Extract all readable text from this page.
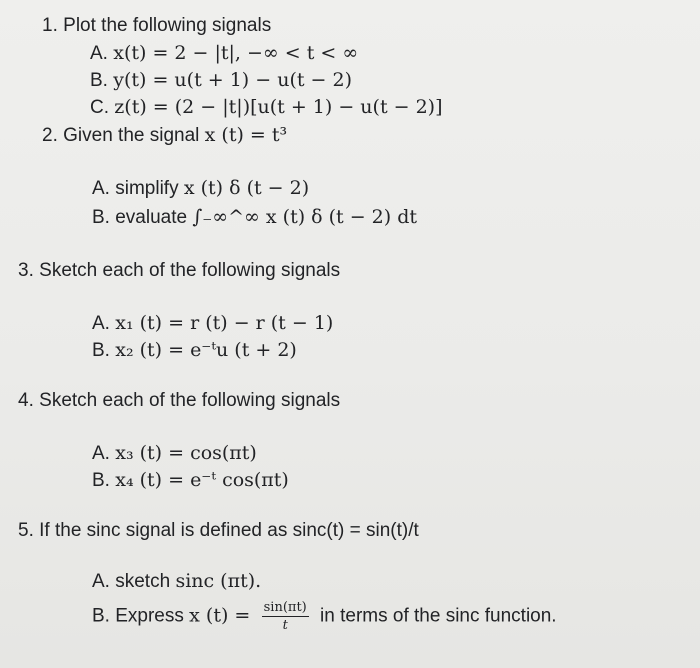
1. Plot the following signals
A. x(t) = 2 − |t|, −∞ < t < ∞
B. y(t) = u(t + 1) − u(t − 2)
C. z(t) = (2 − |t|)[u(t + 1) − u(t − 2)]
2. Given the signal x (t) = t³
A. simplify x (t) δ (t − 2)
B. evaluate ∫₋∞^∞ x (t) δ (t − 2) dt
3. Sketch each of the following signals
A. x₁ (t) = r (t) − r (t − 1)
B. x₂ (t) = e⁻ᵗu (t + 2)
4. Sketch each of the following signals
A. x₃ (t) = cos(πt)
B. x₄ (t) = e⁻ᵗ cos(πt)
5. If the sinc signal is defined as sinc(t) = sin(t)/t
A. sketch sinc (πt).
B. Express x $(t) = \frac{\sin(\pi t)}{t}$ in terms of the sinc function.
